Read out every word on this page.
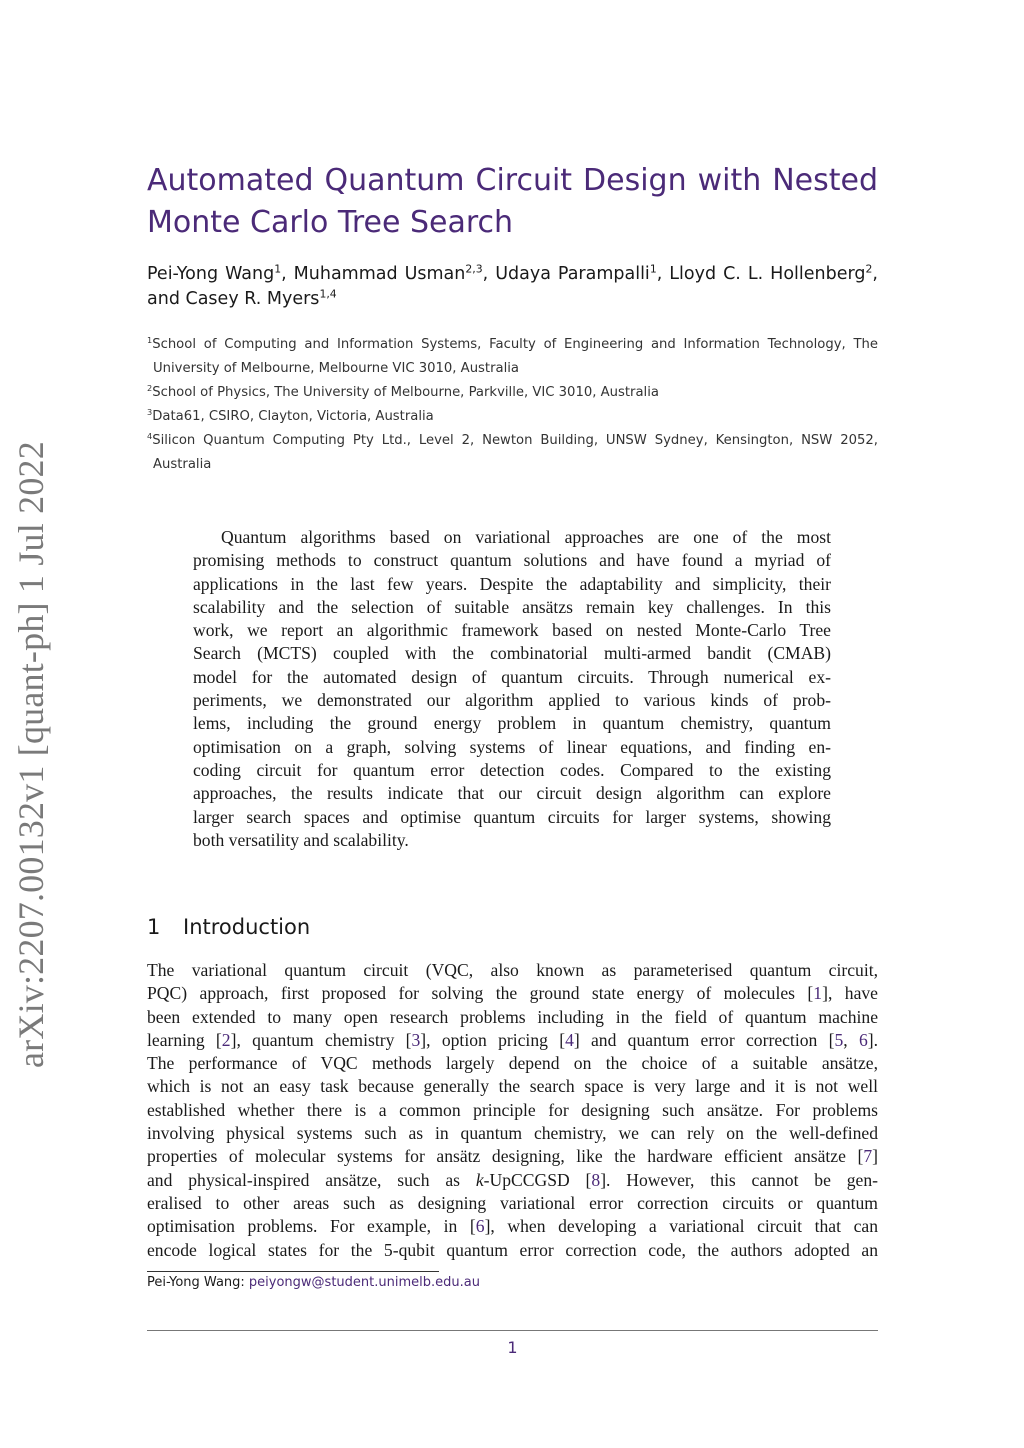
arXiv:2207.00132v1 [quant-ph] 1 Jul 2022
Automated Quantum Circuit Design with Nested
Monte Carlo Tree Search
Pei-Yong Wang$^1$, Muhammad Usman$^{2,3}$, Udaya Parampalli$^1$, Lloyd C. L. Hollenberg$^2$,
and Casey R. Myers$^{1,4}$
$^1$School of Computing and Information Systems, Faculty of Engineering and Information Technology, The
University of Melbourne, Melbourne VIC 3010, Australia
$^2$School of Physics, The University of Melbourne, Parkville, VIC 3010, Australia
$^3$Data61, CSIRO, Clayton, Victoria, Australia
$^4$Silicon Quantum Computing Pty Ltd., Level 2, Newton Building, UNSW Sydney, Kensington, NSW 2052,
Australia
Quantum algorithms based on variational approaches are one of the most
promising methods to construct quantum solutions and have found a myriad of
applications in the last few years. Despite the adaptability and simplicity, their
scalability and the selection of suitable ansätzs remain key challenges. In this
work, we report an algorithmic framework based on nested Monte-Carlo Tree
Search (MCTS) coupled with the combinatorial multi-armed bandit (CMAB)
model for the automated design of quantum circuits. Through numerical ex-
periments, we demonstrated our algorithm applied to various kinds of prob-
lems, including the ground energy problem in quantum chemistry, quantum
optimisation on a graph, solving systems of linear equations, and finding en-
coding circuit for quantum error detection codes. Compared to the existing
approaches, the results indicate that our circuit design algorithm can explore
larger search spaces and optimise quantum circuits for larger systems, showing
both versatility and scalability.
1 Introduction
The variational quantum circuit (VQC, also known as parameterised quantum circuit,
PQC) approach, first proposed for solving the ground state energy of molecules [1], have
been extended to many open research problems including in the field of quantum machine
learning [2], quantum chemistry [3], option pricing [4] and quantum error correction [5, 6].
The performance of VQC methods largely depend on the choice of a suitable ansätze,
which is not an easy task because generally the search space is very large and it is not well
established whether there is a common principle for designing such ansätze. For problems
involving physical systems such as in quantum chemistry, we can rely on the well-defined
properties of molecular systems for ansätz designing, like the hardware efficient ansätze [7]
and physical-inspired ansätze, such as k-UpCCGSD [8]. However, this cannot be gen-
eralised to other areas such as designing variational error correction circuits or quantum
optimisation problems. For example, in [6], when developing a variational circuit that can
encode logical states for the 5-qubit quantum error correction code, the authors adopted an
Pei-Yong Wang: peiyongw@student.unimelb.edu.au
1
